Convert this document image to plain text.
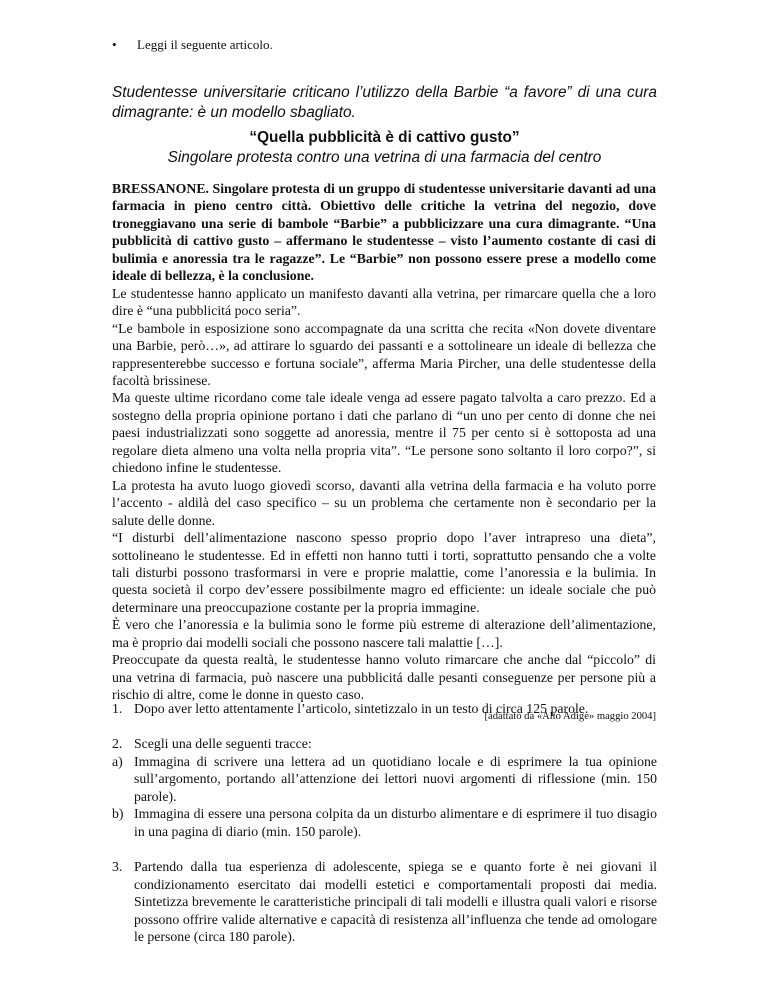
• Leggi il seguente articolo.
Studentesse universitarie criticano l’utilizzo della Barbie “a favore” di una cura dimagrante: è un modello sbagliato.
“Quella pubblicità è di cattivo gusto”
Singolare protesta contro una vetrina di una farmacia del centro

BRESSANONE. Singolare protesta di un gruppo di studentesse universitarie davanti ad una farmacia in pieno centro città. Obiettivo delle critiche la vetrina del negozio, dove troneggiavano una serie di bambole “Barbie” a pubblicizzare una cura dimagrante. “Una pubblicità di cattivo gusto – affermano le studentesse – visto l’aumento costante di casi di bulimia e anoressia tra le ragazze”. Le “Barbie” non possono essere prese a modello come ideale di bellezza, è la conclusione.

Le studentesse hanno applicato un manifesto davanti alla vetrina, per rimarcare quella che a loro dire è “una pubblicitá poco seria”.

“Le bambole in esposizione sono accompagnate da una scritta che recita «Non dovete diventare una Barbie, però…», ad attirare lo sguardo dei passanti e a sottolineare un ideale di bellezza che rappresenterebbe successo e fortuna sociale”, afferma Maria Pircher, una delle studentesse della facoltà brissinese.

Ma queste ultime ricordano come tale ideale venga ad essere pagato talvolta a caro prezzo. Ed a sostegno della propria opinione portano i dati che parlano di “un uno per cento di donne che nei paesi industrializzati sono soggette ad anoressia, mentre il 75 per cento si è sottoposta ad una regolare dieta almeno una volta nella propria vita”. “Le persone sono soltanto il loro corpo?”, si chiedono infine le studentesse.

La protesta ha avuto luogo giovedì scorso, davanti alla vetrina della farmacia e ha voluto porre l’accento - aldilà del caso specifico – su un problema che certamente non è secondario per la salute delle donne.

“I disturbi dell’alimentazione nascono spesso proprio dopo l’aver intrapreso una dieta”, sottolineano le studentesse. Ed in effetti non hanno tutti i torti, soprattutto pensando che a volte tali disturbi possono trasformarsi in vere e proprie malattie, come l’anoressia e la bulimia. In questa società il corpo dev’essere possibilmente magro ed efficiente: un ideale sociale che può determinare una preoccupazione costante per la propria immagine.

È vero che l’anoressia e la bulimia sono le forme più estreme di alterazione dell’alimentazione, ma è proprio dai modelli sociali che possono nascere tali malattie […].

Preoccupate da questa realtà, le studentesse hanno voluto rimarcare che anche dal “piccolo” di una vetrina di farmacia, può nascere una pubblicitá dalle pesanti conseguenze per persone più a rischio di altre, come le donne in questo caso.

[adattato da «Alto Adige» maggio 2004]

1. Dopo aver letto attentamente l’articolo, sintetizzalo in un testo di circa 125 parole.
2. Scegli una delle seguenti tracce:
a) Immagina di scrivere una lettera ad un quotidiano locale e di esprimere la tua opinione sull’argomento, portando all’attenzione dei lettori nuovi argomenti di riflessione (min. 150 parole).
b) Immagina di essere una persona colpita da un disturbo alimentare e di esprimere il tuo disagio in una pagina di diario (min. 150 parole).
3. Partendo dalla tua esperienza di adolescente, spiega se e quanto forte è nei giovani il condizionamento esercitato dai modelli estetici e comportamentali proposti dai media. Sintetizza brevemente le caratteristiche principali di tali modelli e illustra quali valori e risorse possono offrire valide alternative e capacità di resistenza all’influenza che tende ad omologare le persone (circa 180 parole).
